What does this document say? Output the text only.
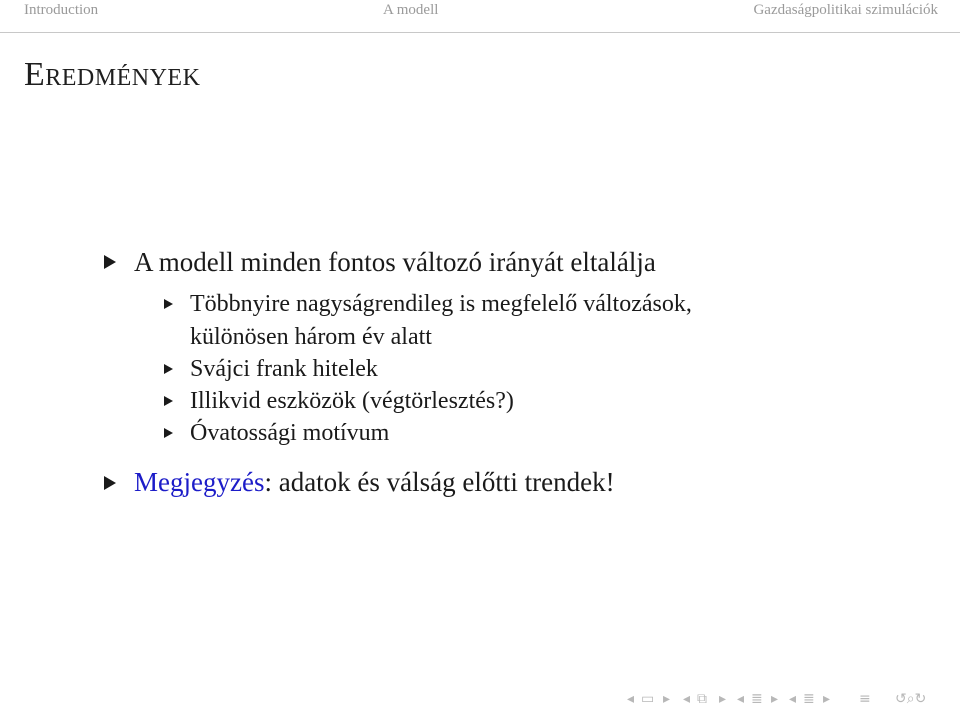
Introduction	A modell	Gazdaságpolitikai szimulációk
Eredmények
A modell minden fontos változó irányát eltalálja
Többnyire nagyságrendileg is megfelelő változások,
különösen három év alatt
Svájci frank hitelek
Illikvid eszközök (végtörlesztés?)
Óvatossági motívum
Megjegyzés: adatok és válság előtti trendek!
◂ ▭ ▸ ◂ ⧉ ▸ ◂ ≣ ▸ ◂ ≣ ▸ ≡ ↺⌕↻
